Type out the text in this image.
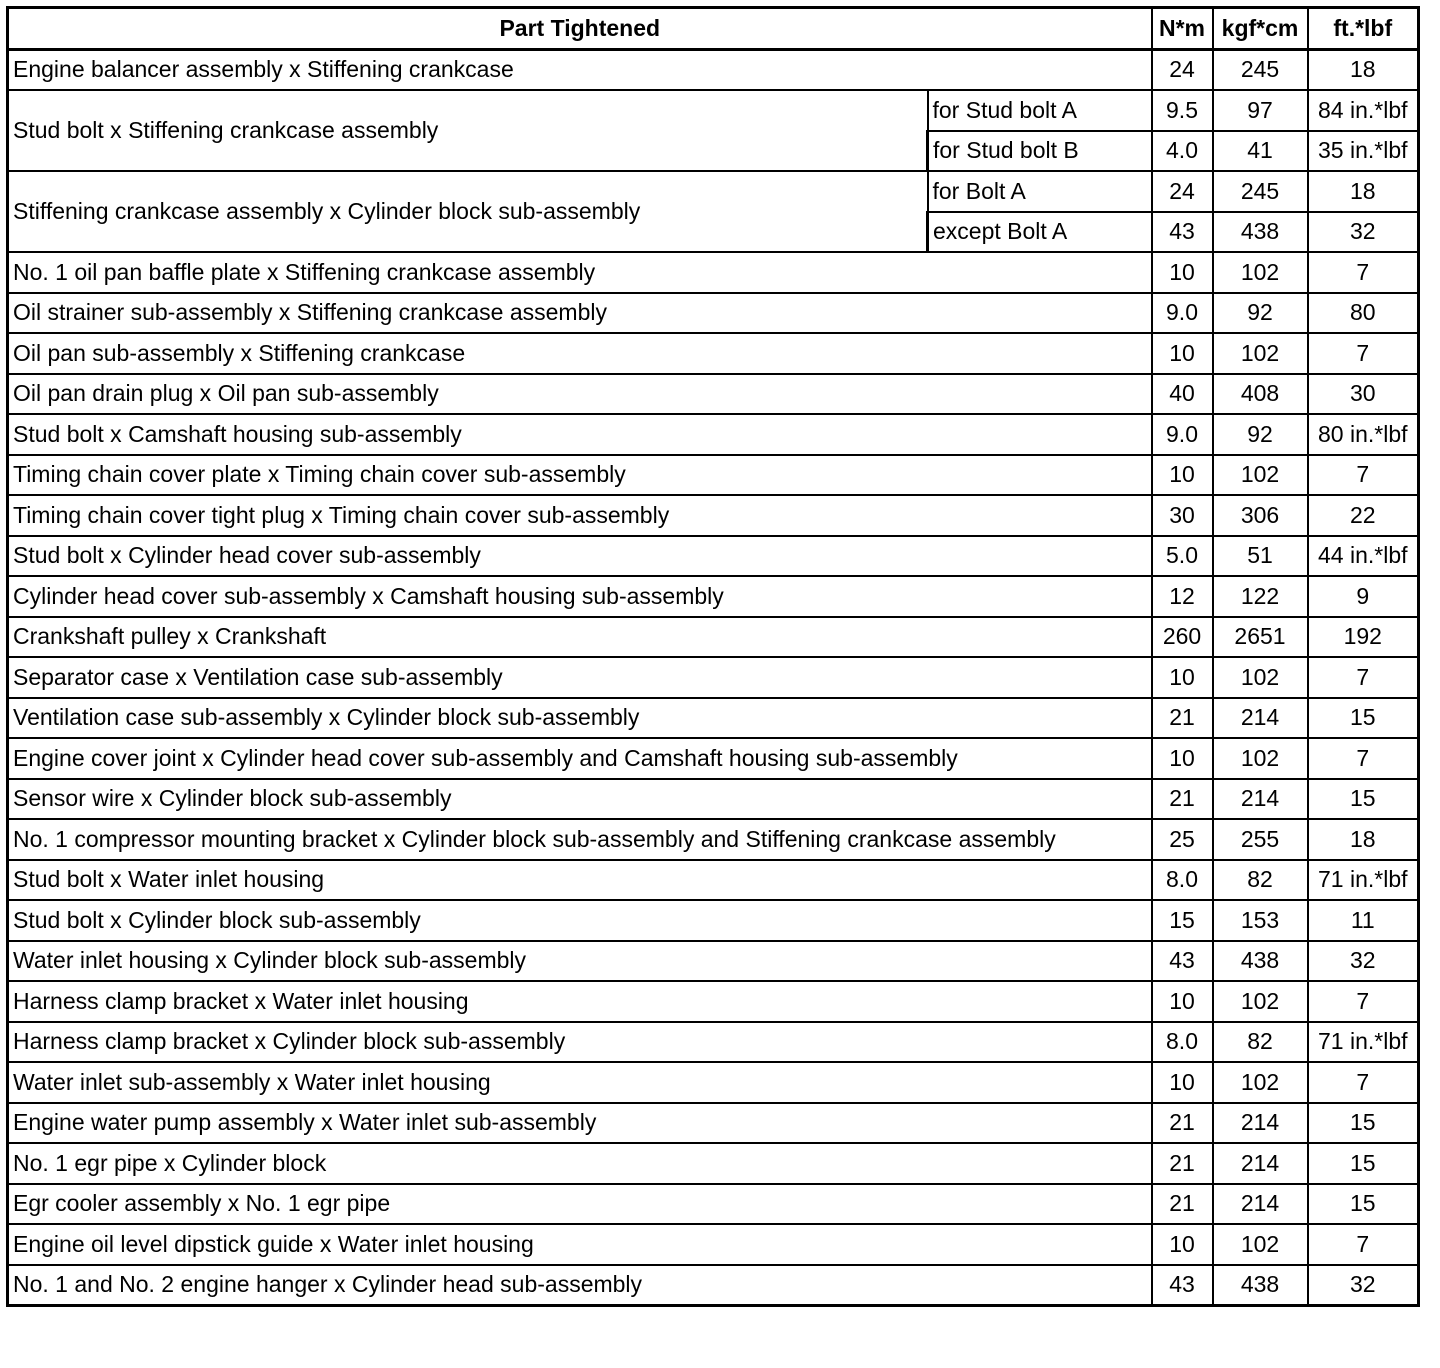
Part Tightened		N*m	kgf*cm	ft.*lbf
Engine balancer assembly x Stiffening crankcase		24	245	18
Stud bolt x Stiffening crankcase assembly	for Stud bolt A	9.5	97	84 in.*lbf
	for Stud bolt B	4.0	41	35 in.*lbf
Stiffening crankcase assembly x Cylinder block sub-assembly	for Bolt A	24	245	18
	except Bolt A	43	438	32
No. 1 oil pan baffle plate x Stiffening crankcase assembly		10	102	7
Oil strainer sub-assembly x Stiffening crankcase assembly		9.0	92	80
Oil pan sub-assembly x Stiffening crankcase		10	102	7
Oil pan drain plug x Oil pan sub-assembly		40	408	30
Stud bolt x Camshaft housing sub-assembly		9.0	92	80 in.*lbf
Timing chain cover plate x Timing chain cover sub-assembly		10	102	7
Timing chain cover tight plug x Timing chain cover sub-assembly		30	306	22
Stud bolt x Cylinder head cover sub-assembly		5.0	51	44 in.*lbf
Cylinder head cover sub-assembly x Camshaft housing sub-assembly		12	122	9
Crankshaft pulley x Crankshaft		260	2651	192
Separator case x Ventilation case sub-assembly		10	102	7
Ventilation case sub-assembly x Cylinder block sub-assembly		21	214	15
Engine cover joint x Cylinder head cover sub-assembly and Camshaft housing sub-assembly		10	102	7
Sensor wire x Cylinder block sub-assembly		21	214	15
No. 1 compressor mounting bracket x Cylinder block sub-assembly and Stiffening crankcase assembly		25	255	18
Stud bolt x Water inlet housing		8.0	82	71 in.*lbf
Stud bolt x Cylinder block sub-assembly		15	153	11
Water inlet housing x Cylinder block sub-assembly		43	438	32
Harness clamp bracket x Water inlet housing		10	102	7
Harness clamp bracket x Cylinder block sub-assembly		8.0	82	71 in.*lbf
Water inlet sub-assembly x Water inlet housing		10	102	7
Engine water pump assembly x Water inlet sub-assembly		21	214	15
No. 1 egr pipe x Cylinder block		21	214	15
Egr cooler assembly x No. 1 egr pipe		21	214	15
Engine oil level dipstick guide x Water inlet housing		10	102	7
No. 1 and No. 2 engine hanger x Cylinder head sub-assembly		43	438	32
